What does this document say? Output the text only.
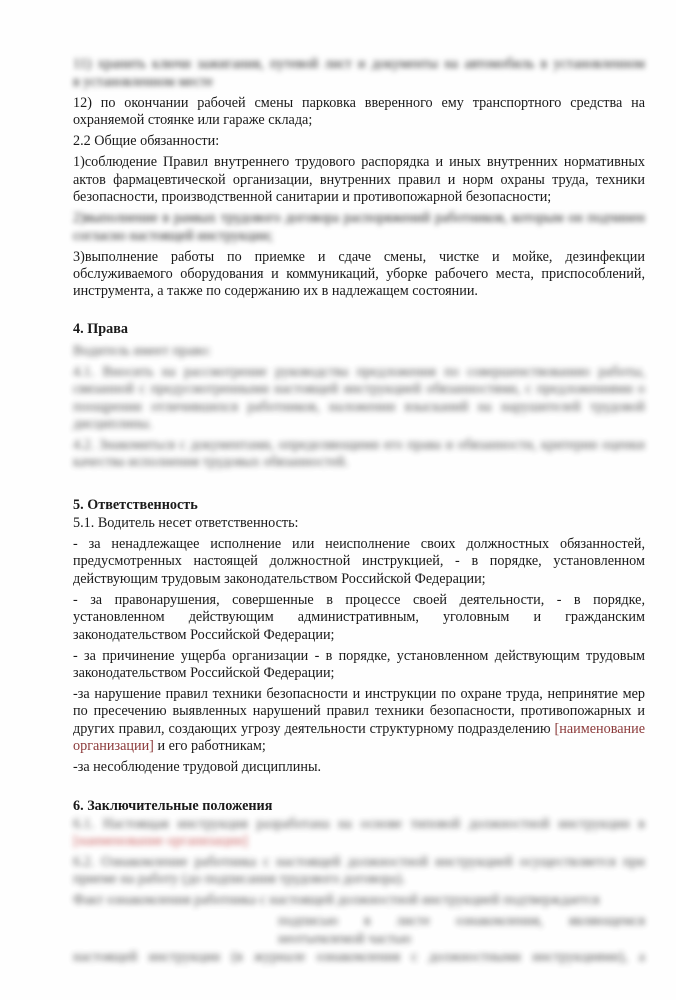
11) хранить ключи зажигания, путевой лист и документы на автомобиль в установленном

в установленном месте

12) по окончании рабочей смены парковка вверенного ему транспортного средства на охраняемой стоянке или гараже склада;

2.2 Общие обязанности:

1)соблюдение Правил внутреннего трудового распорядка и иных внутренних нормативных актов фармацевтической организации, внутренних правил и норм охраны труда, техники безопасности, производственной санитарии и противопожарной безопасности;

2)выполнение в рамках трудового договора распоряжений работников, которым он подчинен согласно настоящей инструкции;

3)выполнение работы по приемке и сдаче смены, чистке и мойке, дезинфекции обслуживаемого оборудования и коммуникаций, уборке рабочего места, приспособлений, инструмента, а также по содержанию их в надлежащем состоянии.

4. Права

Водитель имеет право:

4.1. Вносить на рассмотрение руководства предложения по совершенствованию работы, связанной с предусмотренными настоящей инструкцией обязанностями, с предложениями о поощрении отличившихся работников, наложении взысканий на нарушителей трудовой дисциплины.

4.2. Знакомиться с документами, определяющими его права и обязанности, критерии оценки качества исполнения трудовых обязанностей.

5. Ответственность

5.1. Водитель несет ответственность:

- за ненадлежащее исполнение или неисполнение своих должностных обязанностей, предусмотренных настоящей должностной инструкцией, - в порядке, установленном действующим трудовым законодательством Российской Федерации;

- за правонарушения, совершенные в процессе своей деятельности, - в порядке, установленном действующим административным, уголовным и гражданским законодательством Российской Федерации;

- за причинение ущерба организации - в порядке, установленном действующим трудовым законодательством Российской Федерации;

-за нарушение правил техники безопасности и инструкции по охране труда, непринятие мер по пресечению выявленных нарушений правил техники безопасности, противопожарных и других правил, создающих угрозу деятельности структурному подразделению [наименование организации] и его работникам;

-за несоблюдение трудовой дисциплины.

6. Заключительные положения

6.1. Настоящая инструкция разработана на основе типовой должностной инструкции в [наименование организации]

6.2. Ознакомление работника с настоящей должностной инструкцией осуществляется при приеме на работу (до подписания трудового договора).

Факт ознакомления работника с настоящей должностной инструкцией подтверждается

подписью в листе ознакомления, являющемся неотъемлемой частью

настоящей инструкции (в журнале ознакомления с должностными инструкциями), а
